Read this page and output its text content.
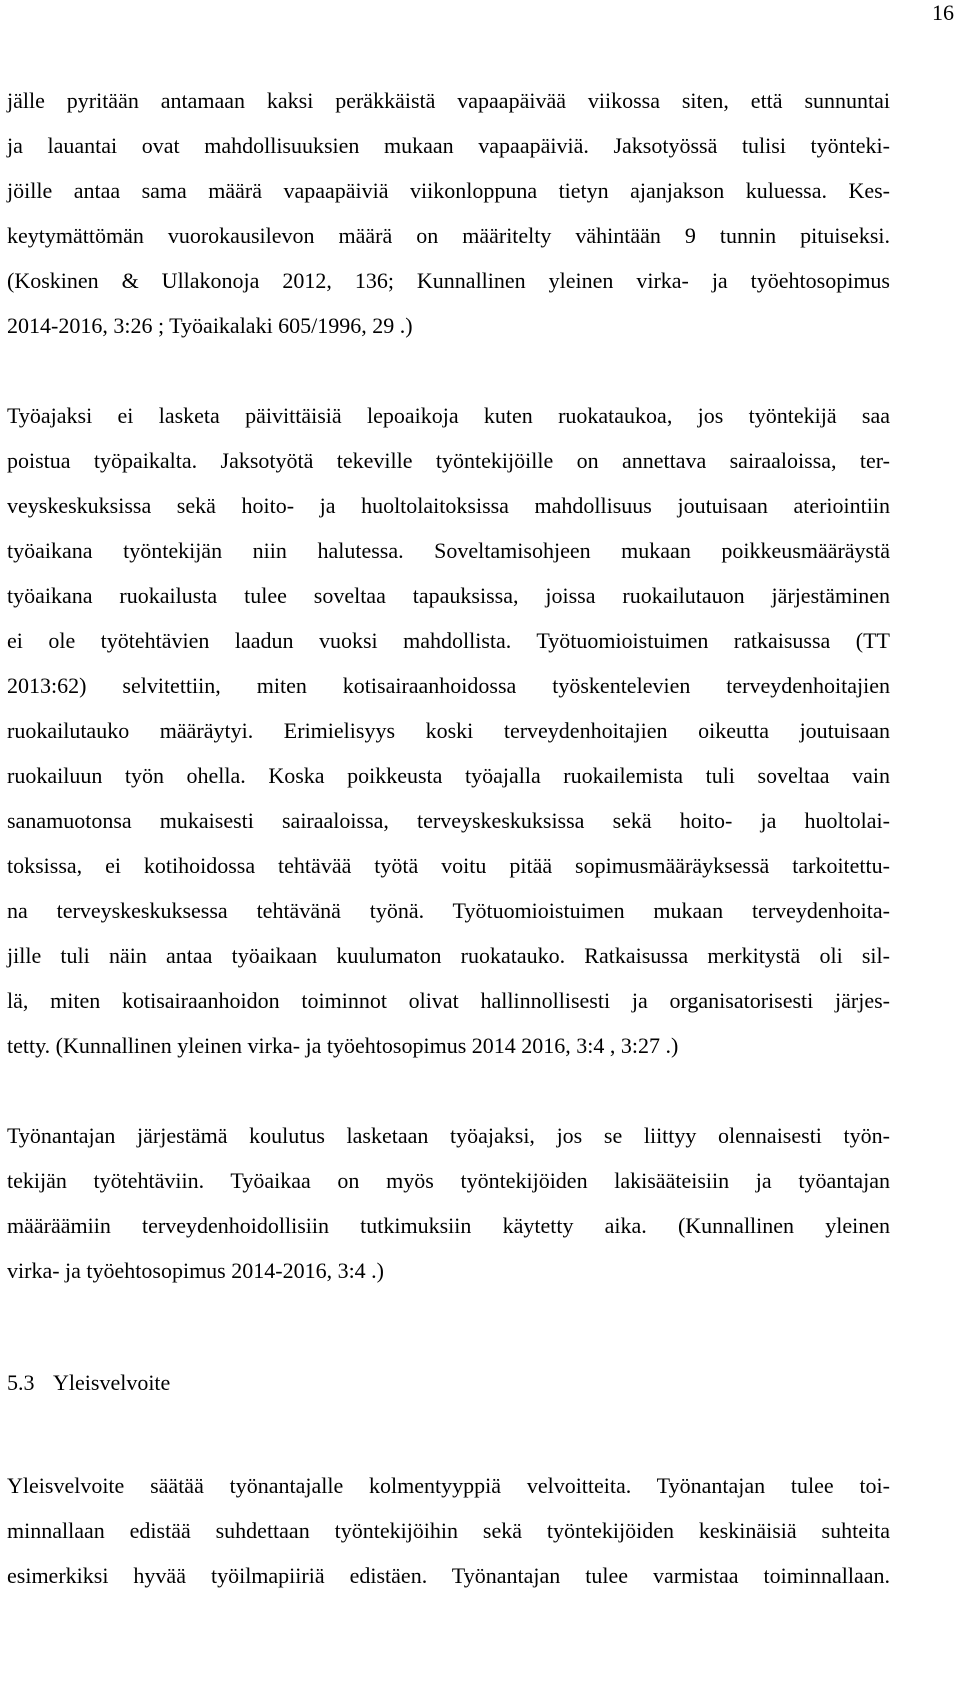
16
jälle pyritään antamaan kaksi peräkkäistä vapaapäivää viikossa siten, että sunnuntai
ja lauantai ovat mahdollisuuksien mukaan vapaapäiviä. Jaksotyössä tulisi työnteki-
jöille antaa sama määrä vapaapäiviä viikonloppuna tietyn ajanjakson kuluessa. Kes-
keytymättömän vuorokausilevon määrä on määritelty vähintään 9 tunnin pituiseksi.
(Koskinen & Ullakonoja 2012, 136; Kunnallinen yleinen virka- ja työehtosopimus
2014-2016, 3:26 ; Työaikalaki 605/1996, 29 .)
Työajaksi ei lasketa päivittäisiä lepoaikoja kuten ruokataukoa, jos työntekijä saa
poistua työpaikalta. Jaksotyötä tekeville työntekijöille on annettava sairaaloissa, ter-
veyskeskuksissa sekä hoito- ja huoltolaitoksissa mahdollisuus joutuisaan ateriointiin
työaikana työntekijän niin halutessa. Soveltamisohjeen mukaan poikkeusmääräystä
työaikana ruokailusta tulee soveltaa tapauksissa, joissa ruokailutauon järjestäminen
ei ole työtehtävien laadun vuoksi mahdollista. Työtuomioistuimen ratkaisussa (TT
2013:62) selvitettiin, miten kotisairaanhoidossa työskentelevien terveydenhoitajien
ruokailutauko määräytyi. Erimielisyys koski terveydenhoitajien oikeutta joutuisaan
ruokailuun työn ohella. Koska poikkeusta työajalla ruokailemista tuli soveltaa vain
sanamuotonsa mukaisesti sairaaloissa, terveyskeskuksissa sekä hoito- ja huoltolai-
toksissa, ei kotihoidossa tehtävää työtä voitu pitää sopimusmääräyksessä tarkoitettu-
na terveyskeskuksessa tehtävänä työnä. Työtuomioistuimen mukaan terveydenhoita-
jille tuli näin antaa työaikaan kuulumaton ruokatauko. Ratkaisussa merkitystä oli sil-
lä, miten kotisairaanhoidon toiminnot olivat hallinnollisesti ja organisatorisesti järjes-
tetty. (Kunnallinen yleinen virka- ja työehtosopimus 2014 2016, 3:4 , 3:27 .)
Työnantajan järjestämä koulutus lasketaan työajaksi, jos se liittyy olennaisesti työn-
tekijän työtehtäviin. Työaikaa on myös työntekijöiden lakisääteisiin ja työantajan
määräämiin terveydenhoidollisiin tutkimuksiin käytetty aika. (Kunnallinen yleinen
virka- ja työehtosopimus 2014-2016, 3:4 .)
5.3 Yleisvelvoite
Yleisvelvoite säätää työnantajalle kolmentyyppiä velvoitteita. Työnantajan tulee toi-
minnallaan edistää suhdettaan työntekijöihin sekä työntekijöiden keskinäisiä suhteita
esimerkiksi hyvää työilmapiiriä edistäen. Työnantajan tulee varmistaa toiminnallaan.
